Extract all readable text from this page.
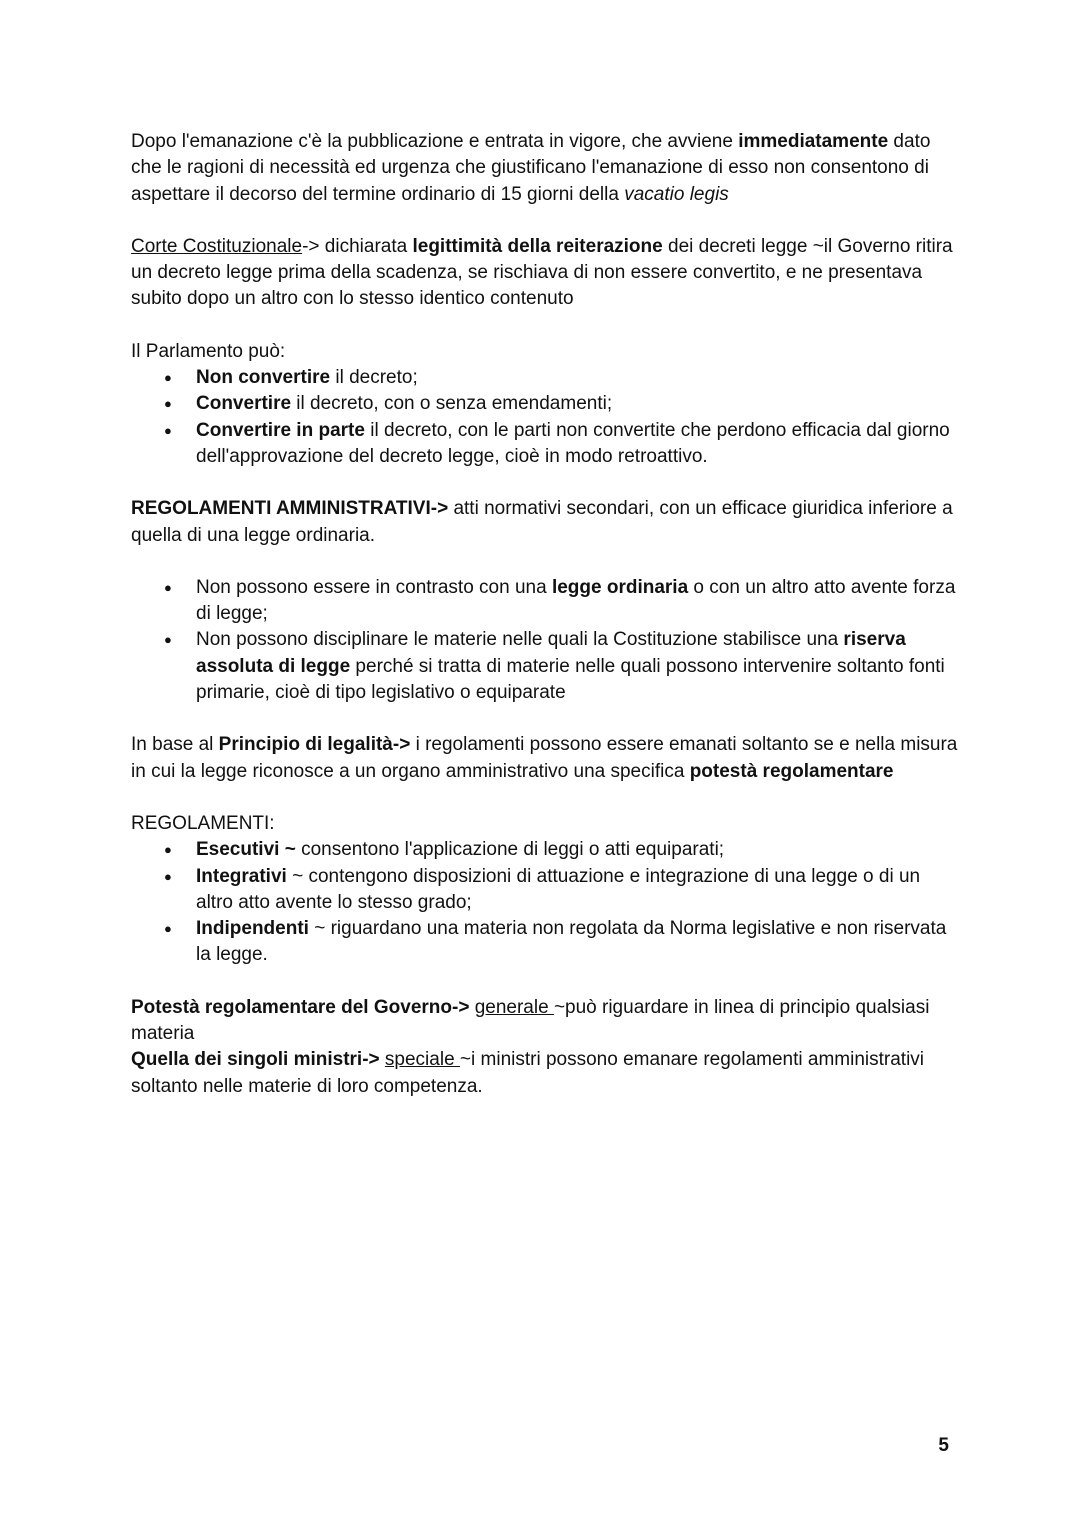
Dopo l'emanazione c'è la pubblicazione e entrata in vigore, che avviene immediatamente dato che le ragioni di necessità ed urgenza che giustificano l'emanazione di esso non consentono di aspettare il decorso del termine ordinario di 15 giorni della vacatio legis

Corte Costituzionale-> dichiarata legittimità della reiterazione dei decreti legge ~il Governo ritira un decreto legge prima della scadenza, se rischiava di non essere convertito, e ne presentava subito dopo un altro con lo stesso identico contenuto

Il Parlamento può:

● Non convertire il decreto;
● Convertire il decreto, con o senza emendamenti;
● Convertire in parte il decreto, con le parti non convertite che perdono efficacia dal giorno dell'approvazione del decreto legge, cioè in modo retroattivo.

REGOLAMENTI AMMINISTRATIVI-> atti normativi secondari, con un efficace giuridica inferiore a quella di una legge ordinaria.

● Non possono essere in contrasto con una legge ordinaria o con un altro atto avente forza di legge;
● Non possono disciplinare le materie nelle quali la Costituzione stabilisce una riserva assoluta di legge perché si tratta di materie nelle quali possono intervenire soltanto fonti primarie, cioè di tipo legislativo o equiparate

In base al Principio di legalità-> i regolamenti possono essere emanati soltanto se e nella misura in cui la legge riconosce a un organo amministrativo una specifica potestà regolamentare

REGOLAMENTI:

● Esecutivi ~ consentono l'applicazione di leggi o atti equiparati;
● Integrativi ~ contengono disposizioni di attuazione e integrazione di una legge o di un altro atto avente lo stesso grado;
● Indipendenti ~ riguardano una materia non regolata da Norma legislative e non riservata la legge.

Potestà regolamentare del Governo-> generale ~può riguardare in linea di principio qualsiasi materia

Quella dei singoli ministri-> speciale ~i ministri possono emanare regolamenti amministrativi soltanto nelle materie di loro competenza.

5
